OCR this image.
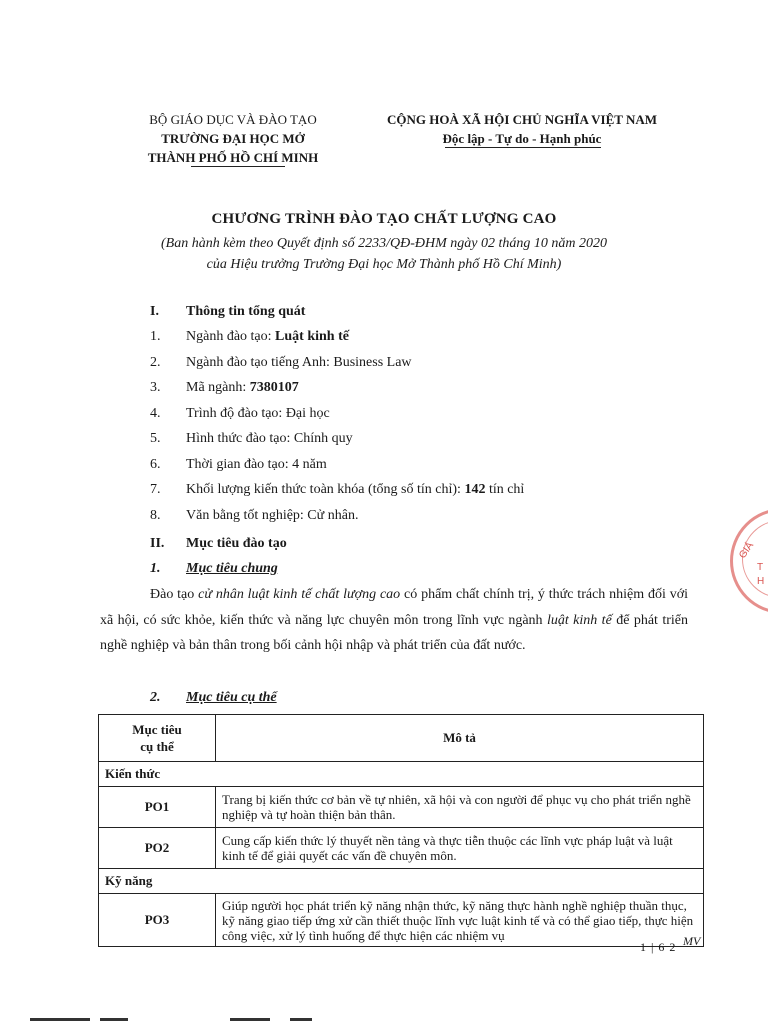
BỘ GIÁO DỤC VÀ ĐÀO TẠO
TRƯỜNG ĐẠI HỌC MỞ
THÀNH PHỐ HỒ CHÍ MINH
CỘNG HOÀ XÃ HỘI CHỦ NGHĨA VIỆT NAM
Độc lập - Tự do - Hạnh phúc
CHƯƠNG TRÌNH ĐÀO TẠO CHẤT LƯỢNG CAO
(Ban hành kèm theo Quyết định số 2233/QĐ-ĐHM ngày 02 tháng 10 năm 2020
của Hiệu trưởng Trường Đại học Mở Thành phố Hồ Chí Minh)
I.	Thông tin tổng quát
1.	Ngành đào tạo: Luật kinh tế
2.	Ngành đào tạo tiếng Anh: Business Law
3.	Mã ngành: 7380107
4.	Trình độ đào tạo: Đại học
5.	Hình thức đào tạo: Chính quy
6.	Thời gian đào tạo: 4 năm
7.	Khối lượng kiến thức toàn khóa (tổng số tín chỉ): 142 tín chỉ
8.	Văn bằng tốt nghiệp: Cử nhân.
II.	Mục tiêu đào tạo
1.	Mục tiêu chung
Đào tạo cử nhân luật kinh tế chất lượng cao có phẩm chất chính trị, ý thức trách nhiệm đối với xã hội, có sức khỏe, kiến thức và năng lực chuyên môn trong lĩnh vực ngành luật kinh tế để phát triển nghề nghiệp và bản thân trong bối cảnh hội nhập và phát triển của đất nước.
2.	Mục tiêu cụ thể
Mục tiêu
cụ thể	Mô tả
Kiến thức	
PO1	Trang bị kiến thức cơ bản về tự nhiên, xã hội và con người để phục vụ cho phát triển nghề nghiệp và tự hoàn thiện bản thân.
PO2	Cung cấp kiến thức lý thuyết nền tảng và thực tiễn thuộc các lĩnh vực pháp luật và luật kinh tế để giải quyết các vấn đề chuyên môn.
Kỹ năng	
PO3	Giúp người học phát triển kỹ năng nhận thức, kỹ năng thực hành nghề nghiệp thuần thục, kỹ năng giao tiếp ứng xử cần thiết thuộc lĩnh vực luật kinh tế và có thể giao tiếp, thực hiện công việc, xử lý tình huống để thực hiện các nhiệm vụ
GIÁ
T
H
1 | 6 2 MV
